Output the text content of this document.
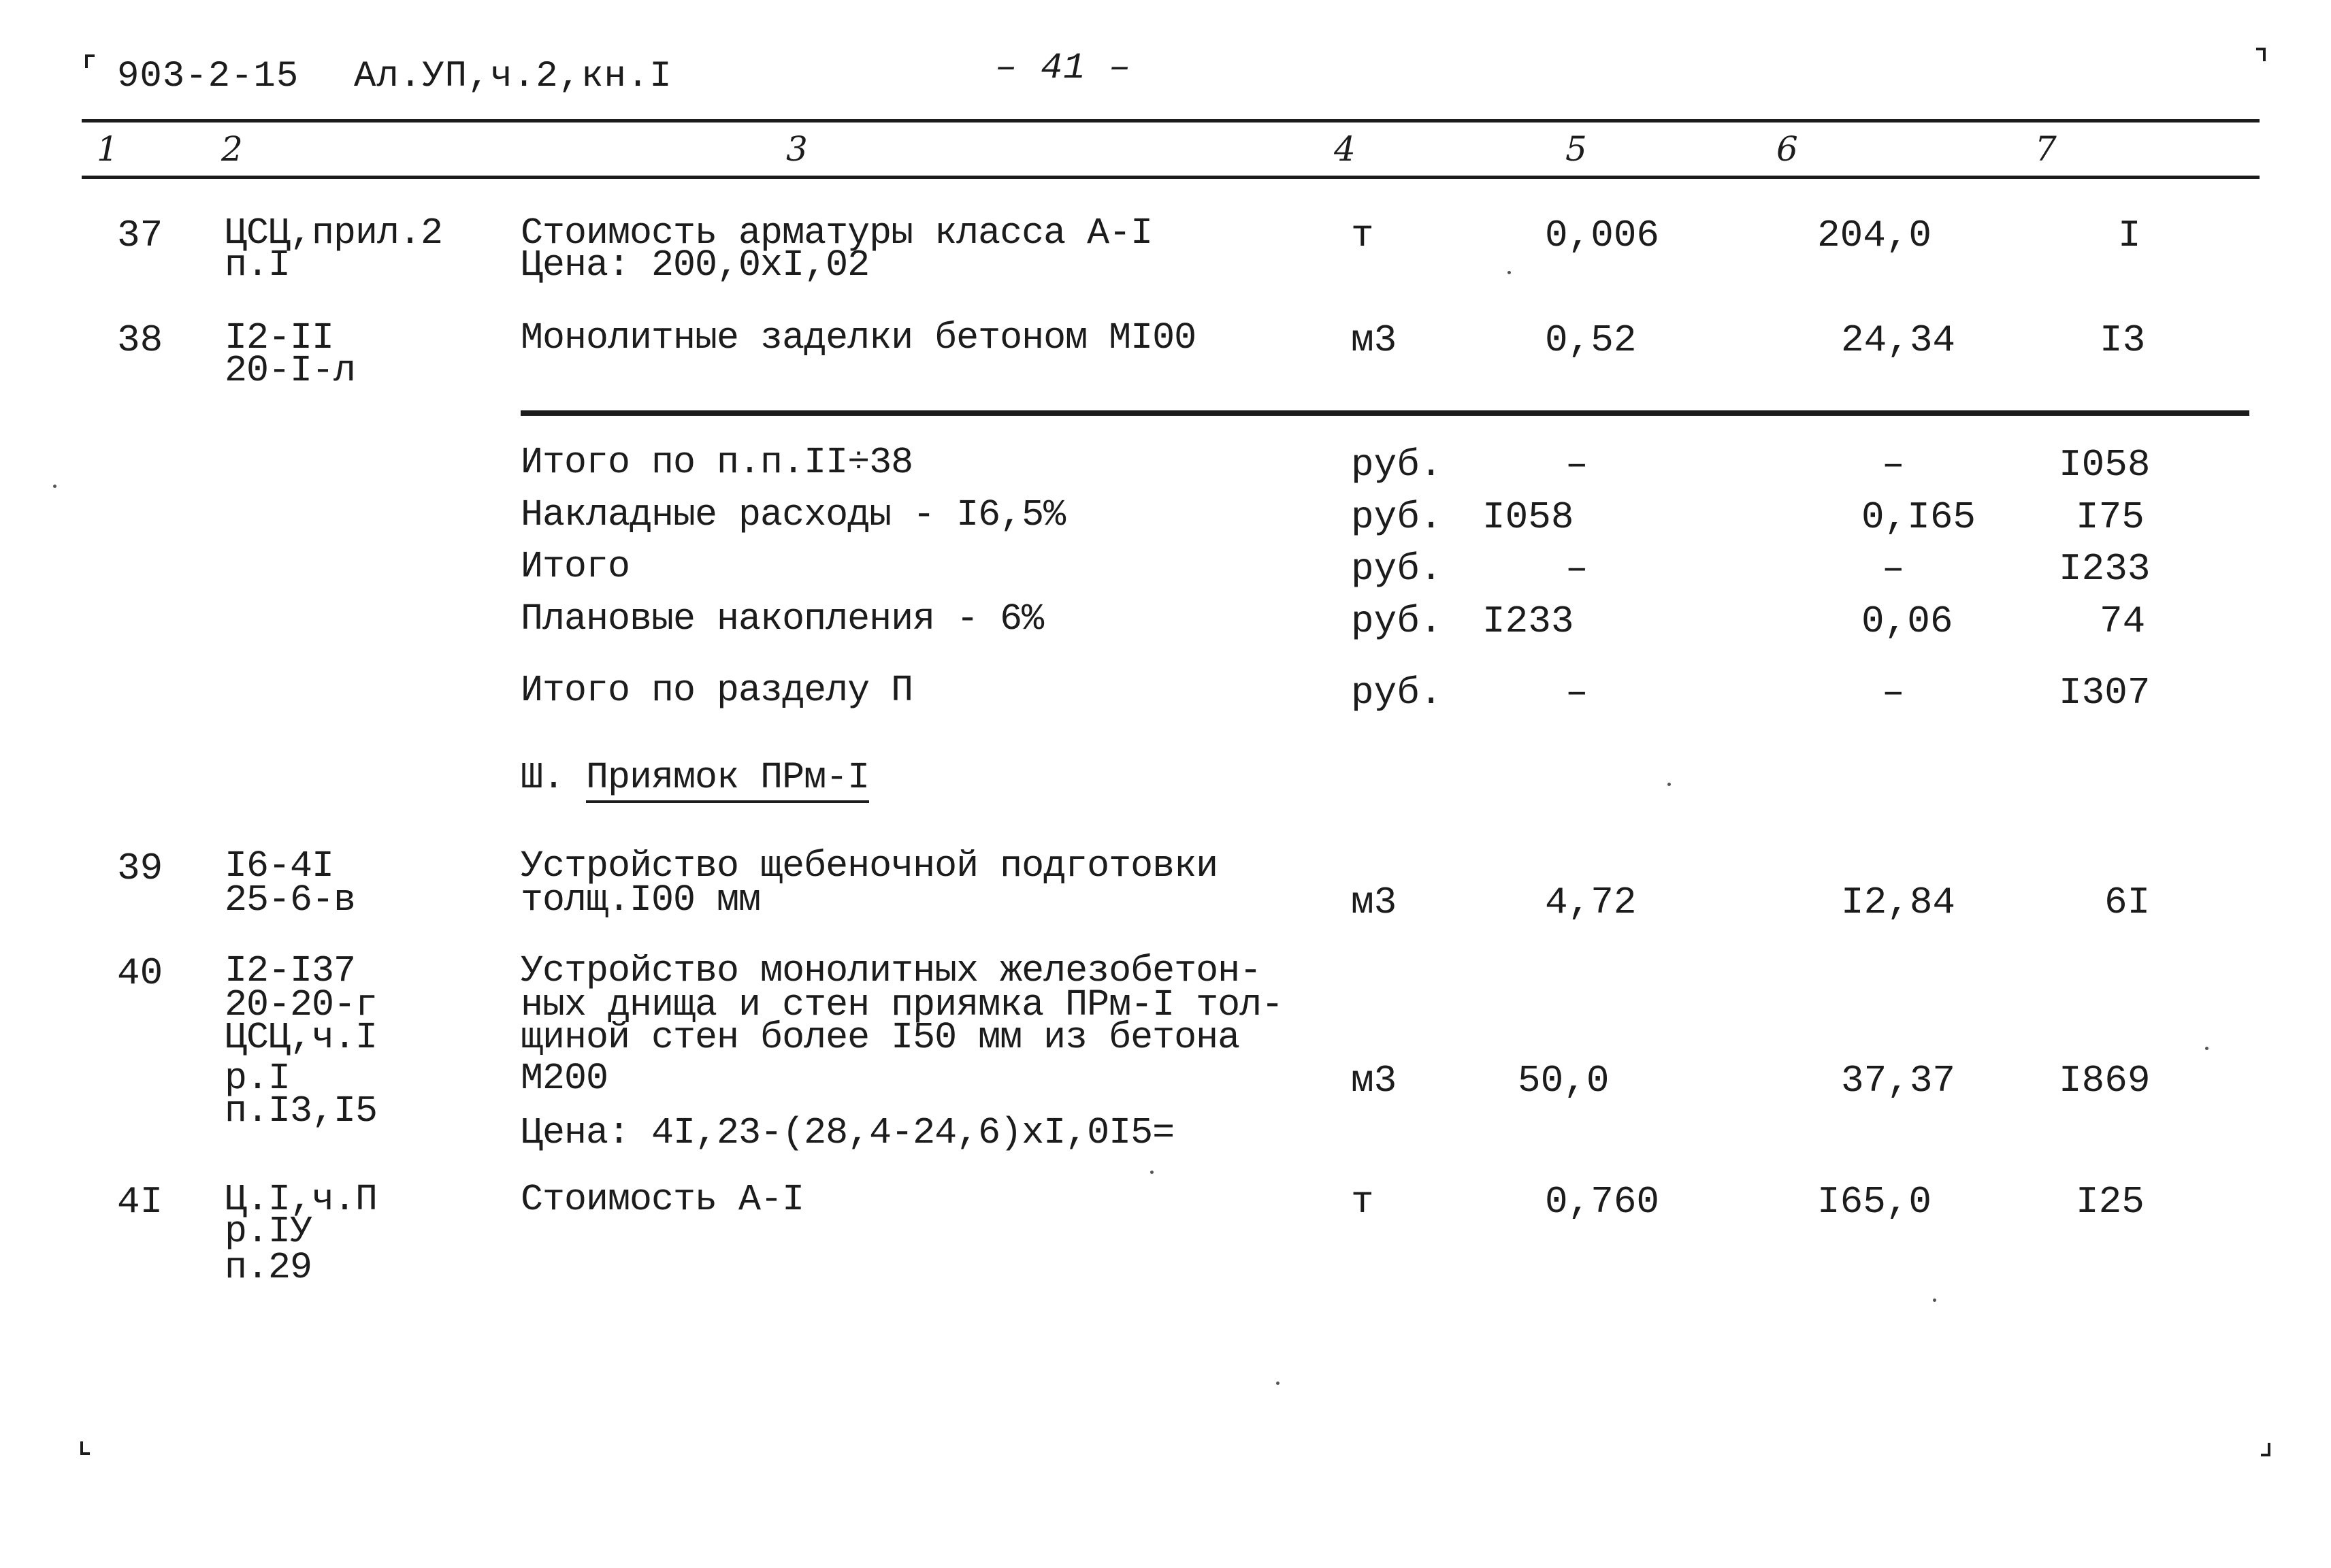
903-2-15 Ал.УП,ч.2,кн.I	– 41 –
1	2	3	4	5	6	7
37 ЦСЦ,прил.2
п.I
Стоимость арматуры класса А-I
Цена: 200,0хI,02
т	0,006	204,0	I
38 I2-II
20-I-л
Монолитные заделки бетоном МI00	м3	0,52	24,34	I3
Итого по п.п.II÷38	руб.	–	–	I058
Накладные расходы - I6,5%	руб. I058	0,I65	I75
Итого	руб.	–	–	I233
Плановые накопления - 6%	руб. I233	0,06	74
Итого по разделу П	руб.	–	–	I307
Ш. Приямок ПРм-I
39 I6-4I
25-6-в
Устройство щебеночной подготовки
толщ.I00 мм	м3	4,72	I2,84	6I
40 I2-I37
20-20-г
ЦСЦ,ч.I
р.I
п.I3,I5
Устройство монолитных железобетон-
ных днища и стен приямка ПРм-I тол-
щиной стен более I50 мм из бетона
М200
Цена: 4I,23-(28,4-24,6)хI,0I5=
м3	50,0	37,37	I869
4I Ц.I,ч.П
р.IУ
п.29
Стоимость А-I	т	0,760	I65,0	I25
